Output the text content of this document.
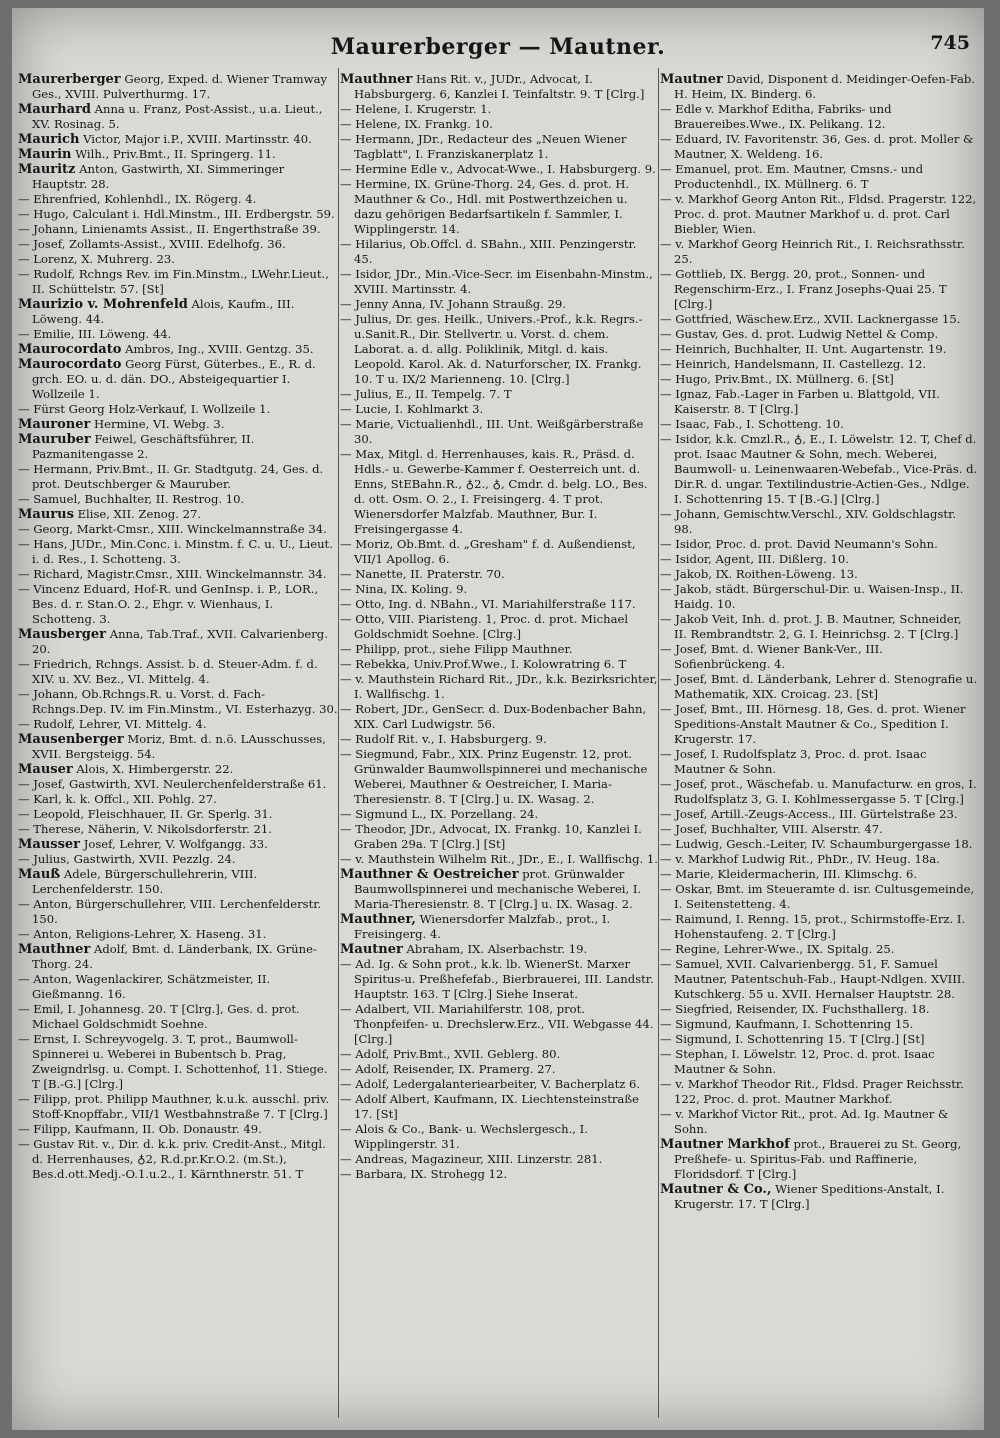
Maurerberger — Mautner.	745
Maurerberger Georg, Exped. d. Wiener Tramway Ges., XVIII. Pulverthurmg. 17.
Maurhard Anna u. Franz, Post-Assist., u.a. Lieut., XV. Rosinag. 5.
Maurich Victor, Major i.P., XVIII. Martinsstr. 40.
Maurin Wilh., Priv.Bmt., II. Springerg. 11.
Mauritz Anton, Gastwirth, XI. Simmeringer Hauptstr. 28.
— Ehrenfried, Kohlenhdl., IX. Rögerg. 4.
— Hugo, Calculant i. Hdl.Minstm., III. Erdbergstr. 59.
— Johann, Linienamts Assist., II. Engerthstraße 39.
— Josef, Zollamts-Assist., XVIII. Edelhofg. 36.
— Lorenz, X. Muhrerg. 23.
— Rudolf, Rchngs Rev. im Fin.Minstm., LWehr.Lieut., II. Schüttelstr. 57. [St]
Maurizio v. Mohrenfeld Alois, Kaufm., III. Löweng. 44.
— Emilie, III. Löweng. 44.
Maurocordato Ambros, Ing., XVIII. Gentzg. 35.
Maurocordato Georg Fürst, Güterbes., E., R. d. grch. EO. u. d. dän. DO., Absteigequartier I. Wollzeile 1.
— Fürst Georg Holz-Verkauf, I. Wollzeile 1.
Mauroner Hermine, VI. Webg. 3.
Mauruber Feiwel, Geschäftsführer, II. Pazmanitengasse 2.
— Hermann, Priv.Bmt., II. Gr. Stadtgutg. 24, Ges. d. prot. Deutschberger & Mauruber.
— Samuel, Buchhalter, II. Restrog. 10.
Maurus Elise, XII. Zenog. 27.
— Georg, Markt-Cmsr., XIII. Winckelmannstraße 34.
— Hans, JUDr., Min.Conc. i. Minstm. f. C. u. U., Lieut. i. d. Res., I. Schotteng. 3.
— Richard, Magistr.Cmsr., XIII. Winckelmannstr. 34.
— Vincenz Eduard, Hof-R. und GenInsp. i. P., LOR., Bes. d. r. Stan.O. 2., Ehgr. v. Wienhaus, I. Schotteng. 3.
Mausberger Anna, Tab.Traf., XVII. Calvarienberg. 20.
— Friedrich, Rchngs. Assist. b. d. Steuer-Adm. f. d. XIV. u. XV. Bez., VI. Mittelg. 4.
— Johann, Ob.Rchngs.R. u. Vorst. d. Fach-Rchngs.Dep. IV. im Fin.Minstm., VI. Esterhazyg. 30.
— Rudolf, Lehrer, VI. Mittelg. 4.
Mausenberger Moriz, Bmt. d. n.ö. LAusschusses, XVII. Bergsteigg. 54.
Mauser Alois, X. Himbergerstr. 22.
— Josef, Gastwirth, XVI. Neulerchenfelderstraße 61.
— Karl, k. k. Offcl., XII. Pohlg. 27.
— Leopold, Fleischhauer, II. Gr. Sperlg. 31.
— Therese, Näherin, V. Nikolsdorferstr. 21.
Mausser Josef, Lehrer, V. Wolfgangg. 33.
— Julius, Gastwirth, XVII. Pezzlg. 24.
Mauß Adele, Bürgerschullehrerin, VIII. Lerchenfelderstr. 150.
— Anton, Bürgerschullehrer, VIII. Lerchenfelderstr. 150.
— Anton, Religions-Lehrer, X. Haseng. 31.
Mauthner Adolf, Bmt. d. Länderbank, IX. Grüne-Thorg. 24.
— Anton, Wagenlackirer, Schätzmeister, II. Gießmanng. 16.
— Emil, I. Johannesg. 20. T [Clrg.], Ges. d. prot. Michael Goldschmidt Soehne.
— Ernst, I. Schreyvogelg. 3. T, prot., Baumwoll-Spinnerei u. Weberei in Bubentsch b. Prag, Zweigndrlsg. u. Compt. I. Schottenhof, 11. Stiege. T [B.-G.] [Clrg.]
— Filipp, prot. Philipp Mauthner, k.u.k. ausschl. priv. Stoff-Knopffabr., VII/1 Westbahnstraße 7. T [Clrg.]
— Filipp, Kaufmann, II. Ob. Donaustr. 49.
— Gustav Rit. v., Dir. d. k.k. priv. Credit-Anst., Mitgl. d. Herrenhauses, ♁2, R.d.pr.Kr.O.2. (m.St.), Bes.d.ott.Medj.-O.1.u.2., I. Kärnthnerstr. 51. T
Mauthner Hans Rit. v., JUDr., Advocat, I. Habsburgerg. 6, Kanzlei I. Teinfaltstr. 9. T [Clrg.]
— Helene, I. Krugerstr. 1.
— Helene, IX. Frankg. 10.
— Hermann, JDr., Redacteur des „Neuen Wiener Tagblatt", I. Franziskanerplatz 1.
— Hermine Edle v., Advocat-Wwe., I. Habsburgerg. 9.
— Hermine, IX. Grüne-Thorg. 24, Ges. d. prot. H. Mauthner & Co., Hdl. mit Postwerthzeichen u. dazu gehörigen Bedarfsartikeln f. Sammler, I. Wipplingerstr. 14.
— Hilarius, Ob.Offcl. d. SBahn., XIII. Penzingerstr. 45.
— Isidor, JDr., Min.-Vice-Secr. im Eisenbahn-Minstm., XVIII. Martinsstr. 4.
— Jenny Anna, IV. Johann Straußg. 29.
— Julius, Dr. ges. Heilk., Univers.-Prof., k.k. Regrs.-u.Sanit.R., Dir. Stellvertr. u. Vorst. d. chem. Laborat. a. d. allg. Poliklinik, Mitgl. d. kais. Leopold. Karol. Ak. d. Naturforscher, IX. Frankg. 10. T u. IX/2 Marienneng. 10. [Clrg.]
— Julius, E., II. Tempelg. 7. T
— Lucie, I. Kohlmarkt 3.
— Marie, Victualienhdl., III. Unt. Weißgärberstraße 30.
— Max, Mitgl. d. Herrenhauses, kais. R., Präsd. d. Hdls.- u. Gewerbe-Kammer f. Oesterreich unt. d. Enns, StEBahn.R., ♁2., ♁, Cmdr. d. belg. LO., Bes. d. ott. Osm. O. 2., I. Freisingerg. 4. T prot. Wienersdorfer Malzfab. Mauthner, Bur. I. Freisingergasse 4.
— Moriz, Ob.Bmt. d. „Gresham" f. d. Außendienst, VII/1 Apollog. 6.
— Nanette, II. Praterstr. 70.
— Nina, IX. Koling. 9.
— Otto, Ing. d. NBahn., VI. Mariahilferstraße 117.
— Otto, VIII. Piaristeng. 1, Proc. d. prot. Michael Goldschmidt Soehne. [Clrg.]
— Philipp, prot., siehe Filipp Mauthner.
— Rebekka, Univ.Prof.Wwe., I. Kolowratring 6. T
— v. Mauthstein Richard Rit., JDr., k.k. Bezirksrichter, I. Wallfischg. 1.
— Robert, JDr., GenSecr. d. Dux-Bodenbacher Bahn, XIX. Carl Ludwigstr. 56.
— Rudolf Rit. v., I. Habsburgerg. 9.
— Siegmund, Fabr., XIX. Prinz Eugenstr. 12, prot. Grünwalder Baumwollspinnerei und mechanische Weberei, Mauthner & Oestreicher, I. Maria-Theresienstr. 8. T [Clrg.] u. IX. Wasag. 2.
— Sigmund L., IX. Porzellang. 24.
— Theodor, JDr., Advocat, IX. Frankg. 10, Kanzlei I. Graben 29a. T [Clrg.] [St]
— v. Mauthstein Wilhelm Rit., JDr., E., I. Wallfischg. 1.
Mauthner & Oestreicher prot. Grünwalder Baumwollspinnerei und mechanische Weberei, I. Maria-Theresienstr. 8. T [Clrg.] u. IX. Wasag. 2.
Mauthner, Wienersdorfer Malzfab., prot., I. Freisingerg. 4.
Mautner Abraham, IX. Alserbachstr. 19.
— Ad. Ig. & Sohn prot., k.k. lb. WienerSt. Marxer Spiritus-u. Preßhefefab., Bierbrauerei, III. Landstr. Hauptstr. 163. T [Clrg.] Siehe Inserat.
— Adalbert, VII. Mariahilferstr. 108, prot. Thonpfeifen- u. Drechslerw.Erz., VII. Webgasse 44. [Clrg.]
— Adolf, Priv.Bmt., XVII. Geblerg. 80.
— Adolf, Reisender, IX. Pramerg. 27.
— Adolf, Ledergalanteriearbeiter, V. Bacherplatz 6.
— Adolf Albert, Kaufmann, IX. Liechtensteinstraße 17. [St]
— Alois & Co., Bank- u. Wechslergesch., I. Wipplingerstr. 31.
— Andreas, Magazineur, XIII. Linzerstr. 281.
— Barbara, IX. Strohegg 12.
Mautner David, Disponent d. Meidinger-Oefen-Fab. H. Heim, IX. Binderg. 6.
— Edle v. Markhof Editha, Fabriks- und Brauereibes.Wwe., IX. Pelikang. 12.
— Eduard, IV. Favoritenstr. 36, Ges. d. prot. Moller & Mautner, X. Weldeng. 16.
— Emanuel, prot. Em. Mautner, Cmsns.- und Productenhdl., IX. Müllnerg. 6. T
— v. Markhof Georg Anton Rit., Fldsd. Pragerstr. 122, Proc. d. prot. Mautner Markhof u. d. prot. Carl Biebler, Wien.
— v. Markhof Georg Heinrich Rit., I. Reichsrathsstr. 25.
— Gottlieb, IX. Bergg. 20, prot., Sonnen- und Regenschirm-Erz., I. Franz Josephs-Quai 25. T [Clrg.]
— Gottfried, Wäschew.Erz., XVII. Lacknergasse 15.
— Gustav, Ges. d. prot. Ludwig Nettel & Comp.
— Heinrich, Buchhalter, II. Unt. Augartenstr. 19.
— Heinrich, Handelsmann, II. Castellezg. 12.
— Hugo, Priv.Bmt., IX. Müllnerg. 6. [St]
— Ignaz, Fab.-Lager in Farben u. Blattgold, VII. Kaiserstr. 8. T [Clrg.]
— Isaac, Fab., I. Schotteng. 10.
— Isidor, k.k. Cmzl.R., ♁, E., I. Löwelstr. 12. T, Chef d. prot. Isaac Mautner & Sohn, mech. Weberei, Baumwoll- u. Leinenwaaren-Webefab., Vice-Präs. d. Dir.R. d. ungar. Textilindustrie-Actien-Ges., Ndlge. I. Schottenring 15. T [B.-G.] [Clrg.]
— Johann, Gemischtw.Verschl., XIV. Goldschlagstr. 98.
— Isidor, Proc. d. prot. David Neumann's Sohn.
— Isidor, Agent, III. Dißlerg. 10.
— Jakob, IX. Roithen-Löweng. 13.
— Jakob, städt. Bürgerschul-Dir. u. Waisen-Insp., II. Haidg. 10.
— Jakob Veit, Inh. d. prot. J. B. Mautner, Schneider, II. Rembrandtstr. 2, G. I. Heinrichsg. 2. T [Clrg.]
— Josef, Bmt. d. Wiener Bank-Ver., III. Sofienbrückeng. 4.
— Josef, Bmt. d. Länderbank, Lehrer d. Stenografie u. Mathematik, XIX. Croicag. 23. [St]
— Josef, Bmt., III. Hörnesg. 18, Ges. d. prot. Wiener Speditions-Anstalt Mautner & Co., Spedition I. Krugerstr. 17.
— Josef, I. Rudolfsplatz 3, Proc. d. prot. Isaac Mautner & Sohn.
— Josef, prot., Wäschefab. u. Manufacturw. en gros, I. Rudolfsplatz 3, G. I. Kohlmessergasse 5. T [Clrg.]
— Josef, Artill.-Zeugs-Access., III. Gürtelstraße 23.
— Josef, Buchhalter, VIII. Alserstr. 47.
— Ludwig, Gesch.-Leiter, IV. Schaumburgergasse 18.
— v. Markhof Ludwig Rit., PhDr., IV. Heug. 18a.
— Marie, Kleidermacherin, III. Klimschg. 6.
— Oskar, Bmt. im Steueramte d. isr. Cultusgemeinde, I. Seitenstetteng. 4.
— Raimund, I. Renng. 15, prot., Schirmstoffe-Erz. I. Hohenstaufeng. 2. T [Clrg.]
— Regine, Lehrer-Wwe., IX. Spitalg. 25.
— Samuel, XVII. Calvarienbergg. 51, F. Samuel Mautner, Patentschuh-Fab., Haupt-Ndlgen. XVIII. Kutschkerg. 55 u. XVII. Hernalser Hauptstr. 28.
— Siegfried, Reisender, IX. Fuchsthallerg. 18.
— Sigmund, Kaufmann, I. Schottenring 15.
— Sigmund, I. Schottenring 15. T [Clrg.] [St]
— Stephan, I. Löwelstr. 12, Proc. d. prot. Isaac Mautner & Sohn.
— v. Markhof Theodor Rit., Fldsd. Prager Reichsstr. 122, Proc. d. prot. Mautner Markhof.
— v. Markhof Victor Rit., prot. Ad. Ig. Mautner & Sohn.
Mautner Markhof prot., Brauerei zu St. Georg, Preßhefe- u. Spiritus-Fab. und Raffinerie, Floridsdorf. T [Clrg.]
Mautner & Co., Wiener Speditions-Anstalt, I. Krugerstr. 17. T [Clrg.]
